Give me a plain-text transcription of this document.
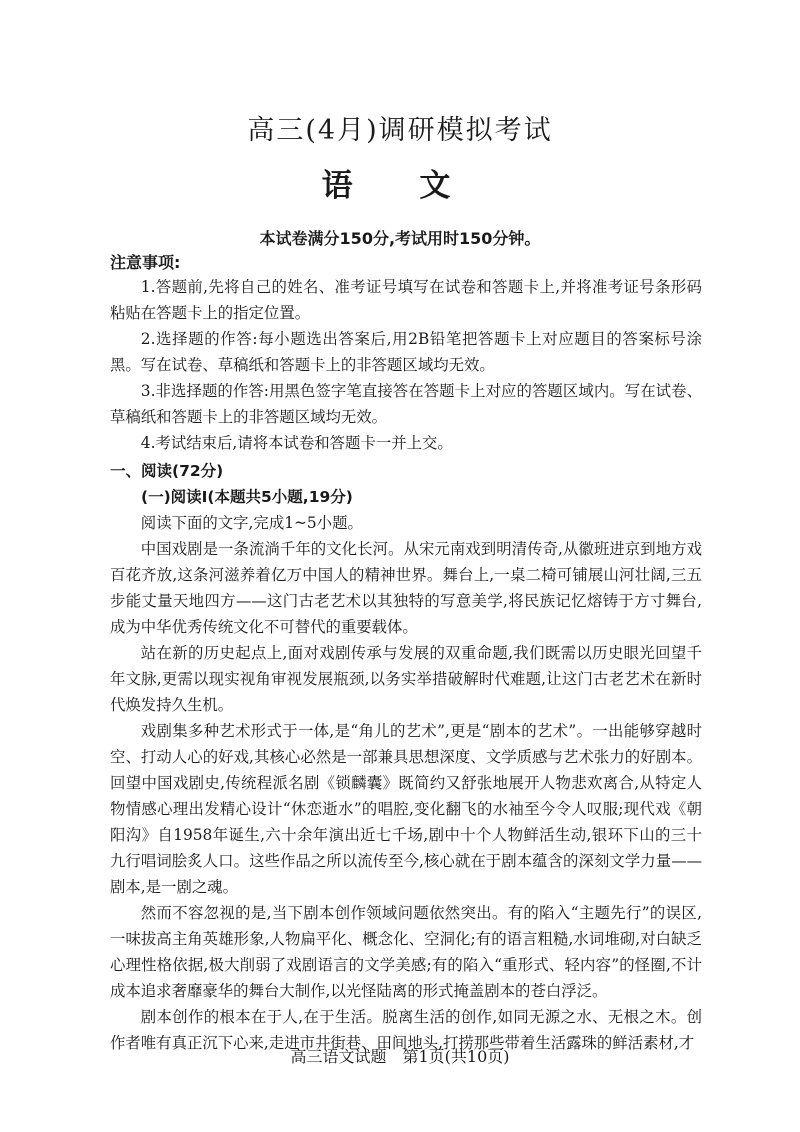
高三(4月)调研模拟考试
语 文
本试卷满分150分,考试用时150分钟。
注意事项:

1.答题前,先将自己的姓名、准考证号填写在试卷和答题卡上,并将准考证号条形码粘贴在答题卡上的指定位置。

2.选择题的作答:每小题选出答案后,用2B铅笔把答题卡上对应题目的答案标号涂黑。写在试卷、草稿纸和答题卡上的非答题区域均无效。

3.非选择题的作答:用黑色签字笔直接答在答题卡上对应的答题区域内。写在试卷、草稿纸和答题卡上的非答题区域均无效。

4.考试结束后,请将本试卷和答题卡一并上交。

一、阅读(72分)
(一)阅读Ⅰ(本题共5小题,19分)

阅读下面的文字,完成1~5小题。

中国戏剧是一条流淌千年的文化长河。从宋元南戏到明清传奇,从徽班进京到地方戏百花齐放,这条河滋养着亿万中国人的精神世界。舞台上,一桌二椅可铺展山河壮阔,三五步能丈量天地四方——这门古老艺术以其独特的写意美学,将民族记忆熔铸于方寸舞台,成为中华优秀传统文化不可替代的重要载体。

站在新的历史起点上,面对戏剧传承与发展的双重命题,我们既需以历史眼光回望千年文脉,更需以现实视角审视发展瓶颈,以务实举措破解时代难题,让这门古老艺术在新时代焕发持久生机。

戏剧集多种艺术形式于一体,是“角儿的艺术”,更是“剧本的艺术”。一出能够穿越时空、打动人心的好戏,其核心必然是一部兼具思想深度、文学质感与艺术张力的好剧本。回望中国戏剧史,传统程派名剧《锁麟囊》既简约又舒张地展开人物悲欢离合,从特定人物情感心理出发精心设计“休恋逝水”的唱腔,变化翻飞的水袖至今令人叹服;现代戏《朝阳沟》自1958年诞生,六十余年演出近七千场,剧中十个人物鲜活生动,银环下山的三十九行唱词脍炙人口。这些作品之所以流传至今,核心就在于剧本蕴含的深刻文学力量——剧本,是一剧之魂。

然而不容忽视的是,当下剧本创作领域问题依然突出。有的陷入“主题先行”的误区,一味拔高主角英雄形象,人物扁平化、概念化、空洞化;有的语言粗糙,水词堆砌,对白缺乏心理性格依据,极大削弱了戏剧语言的文学美感;有的陷入“重形式、轻内容”的怪圈,不计成本追求奢靡豪华的舞台大制作,以光怪陆离的形式掩盖剧本的苍白浮泛。

剧本创作的根本在于人,在于生活。脱离生活的创作,如同无源之水、无根之木。创作者唯有真正沉下心来,走进市井街巷、田间地头,打捞那些带着生活露珠的鲜活素材,才

高三语文试题　第1页(共10页)
